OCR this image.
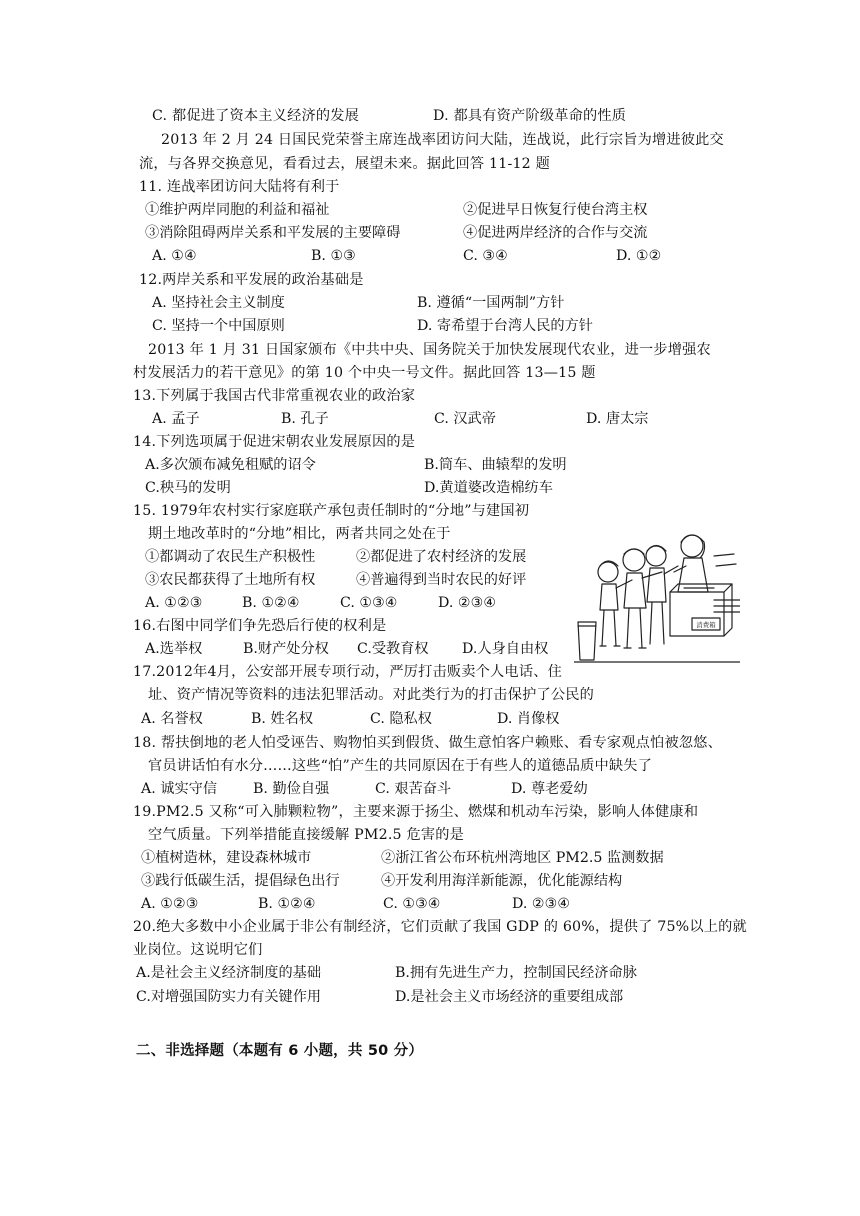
C. 都促进了资本主义经济的发展	D. 都具有资产阶级革命的性质
2013 年 2 月 24 日国民党荣誉主席连战率团访问大陆，连战说，此行宗旨为增进彼此交
流，与各界交换意见，看看过去，展望未来。据此回答 11-12 题
11. 连战率团访问大陆将有利于
①维护两岸同胞的利益和福祉	②促进早日恢复行使台湾主权
③消除阻碍两岸关系和平发展的主要障碍	④促进两岸经济的合作与交流
A. ①④	B. ①③	C. ③④	D. ①②
12.两岸关系和平发展的政治基础是
A. 坚持社会主义制度	B. 遵循“一国两制”方针
C. 坚持一个中国原则	D. 寄希望于台湾人民的方针
2013 年 1 月 31 日国家颁布《中共中央、国务院关于加快发展现代农业，进一步增强农
村发展活力的若干意见》的第 10 个中央一号文件。据此回答 13—15 题
13.下列属于我国古代非常重视农业的政治家
A. 孟子	B. 孔子	C. 汉武帝	D. 唐太宗
14.下列选项属于促进宋朝农业发展原因的是
A.多次颁布减免租赋的诏令	B.筒车、曲辕犁的发明
C.秧马的发明	D.黄道婆改造棉纺车
15. 1979年农村实行家庭联产承包责任制时的“分地”与建国初
期土地改革时的“分地”相比，两者共同之处在于
①都调动了农民生产积极性	②都促进了农村经济的发展
③农民都获得了土地所有权	④普遍得到当时农民的好评
A. ①②③	B. ①②④	C. ①③④	D. ②③④
16.右图中同学们争先恐后行使的权利是
A.选举权	B.财产处分权 C.受教育权 D.人身自由权
17.2012年4月，公安部开展专项行动，严厉打击贩卖个人电话、住
址、资产情况等资料的违法犯罪活动。对此类行为的打击保护了公民的
A. 名誉权	B. 姓名权	C. 隐私权	D. 肖像权
18. 帮扶倒地的老人怕受诬告、购物怕买到假货、做生意怕客户赖账、看专家观点怕被忽悠、
官员讲话怕有水分……这些“怕”产生的共同原因在于有些人的道德品质中缺失了
A. 诚实守信	B. 勤俭自强	C. 艰苦奋斗	D. 尊老爱幼
19.PM2.5 又称“可入肺颗粒物”，主要来源于扬尘、燃煤和机动车污染，影响人体健康和
空气质量。下列举措能直接缓解 PM2.5 危害的是
①植树造林，建设森林城市	②浙江省公布环杭州湾地区 PM2.5 监测数据
③践行低碳生活，提倡绿色出行	④开发利用海洋新能源，优化能源结构
A. ①②③	B. ①②④	C. ①③④	D. ②③④
20.绝大多数中小企业属于非公有制经济，它们贡献了我国 GDP 的 60%，提供了 75%以上的就
业岗位。这说明它们
A.是社会主义经济制度的基础	B.拥有先进生产力，控制国民经济命脉
C.对增强国防实力有关键作用	D.是社会主义市场经济的重要组成部
二、非选择题（本题有 6 小题，共 50 分）
消费箱
